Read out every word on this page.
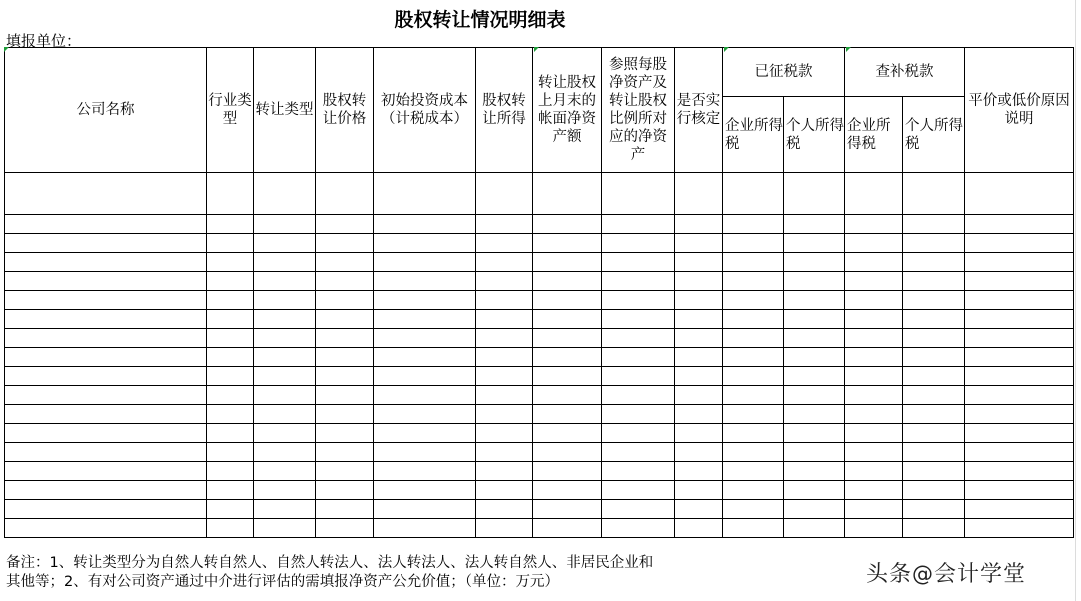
股权转让情况明细表
填报单位：
公司名称	行业类型	转让类型	股权转让价格	初始投资成本（计税成本）	股权转让所得	转让股权上月末的帐面净资产额	参照每股净资产及转让股权比例所对应的净资产	是否实行核定	已征税款		查补税款		平价或低价原因说明
									企业所得税	个人所得税	企业所得税	个人所得税	

备注：1、转让类型分为自然人转自然人、自然人转法人、法人转法人、法人转自然人、非居民企业和
其他等；2、有对公司资产通过中介进行评估的需填报净资产公允价值；（单位：万元）	头条@会计学堂
